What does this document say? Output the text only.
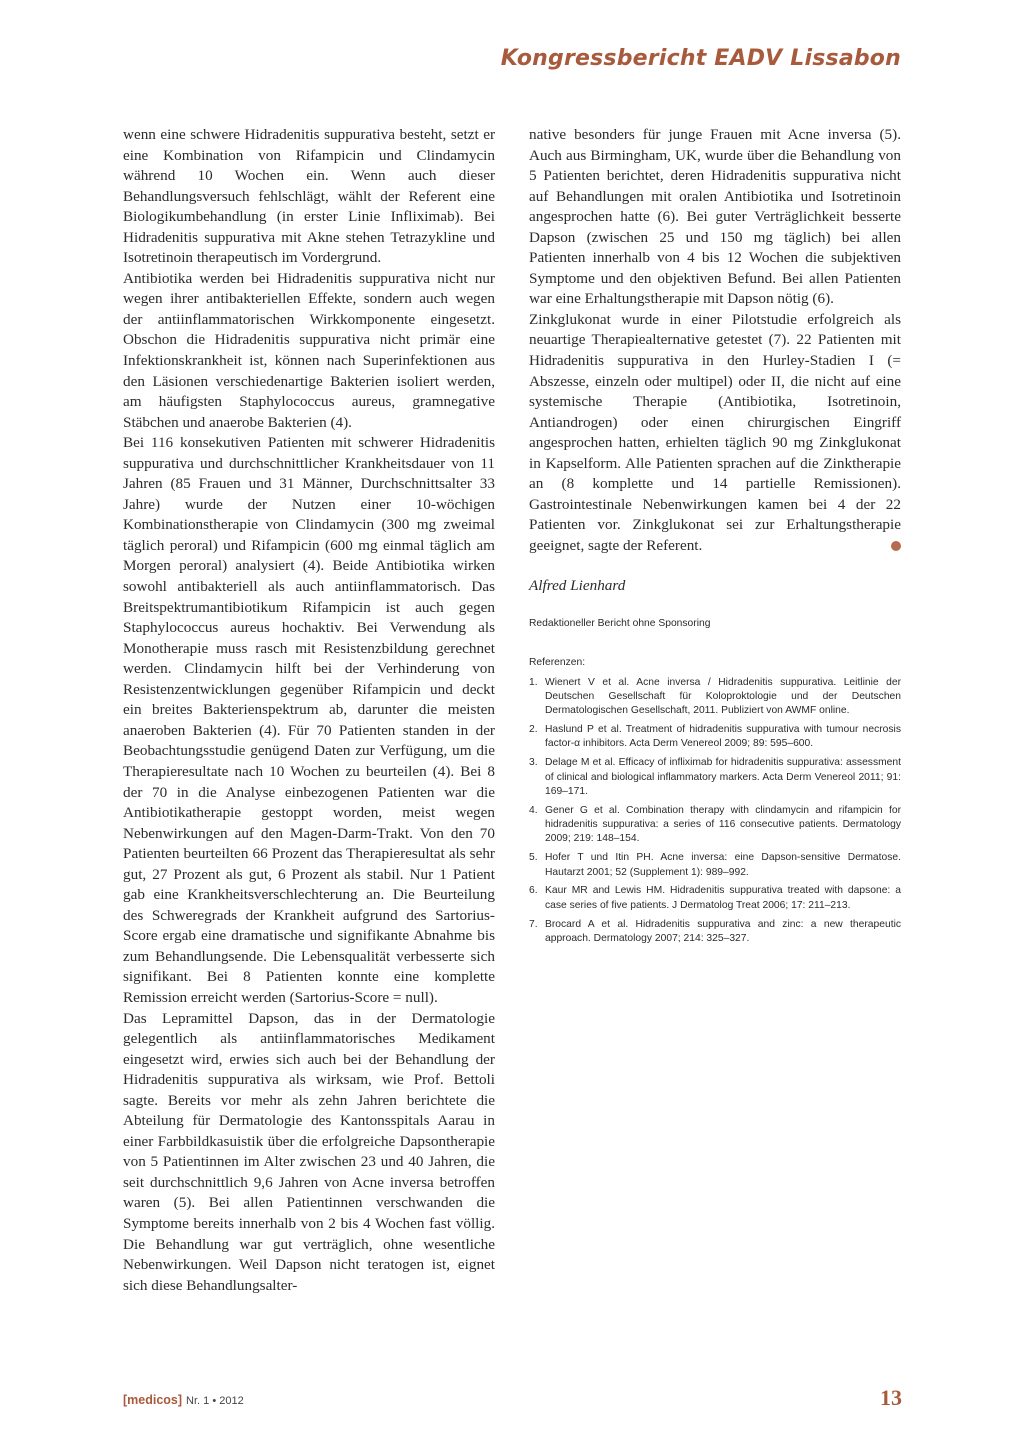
Kongressbericht EADV Lissabon

wenn eine schwere Hidradenitis suppurativa besteht, setzt er eine Kombination von Rifampicin und Clindamycin während 10 Wochen ein. Wenn auch dieser Behandlungsversuch fehlschlägt, wählt der Referent eine Biologikumbehandlung (in erster Linie Infliximab). Bei Hidradenitis suppurativa mit Akne stehen Tetrazykline und Isotretinoin therapeutisch im Vordergrund.

Antibiotika werden bei Hidradenitis suppurativa nicht nur wegen ihrer antibakteriellen Effekte, sondern auch wegen der antiinflammatorischen Wirkkomponente eingesetzt. Obschon die Hidradenitis suppurativa nicht primär eine Infektionskrankheit ist, können nach Superinfektionen aus den Läsionen verschiedenartige Bakterien isoliert werden, am häufigsten Staphylococcus aureus, gramnegative Stäbchen und anaerobe Bakterien (4).

Bei 116 konsekutiven Patienten mit schwerer Hidradenitis suppurativa und durchschnittlicher Krankheitsdauer von 11 Jahren (85 Frauen und 31 Männer, Durchschnittsalter 33 Jahre) wurde der Nutzen einer 10-wöchigen Kombinationstherapie von Clindamycin (300 mg zweimal täglich peroral) und Rifampicin (600 mg einmal täglich am Morgen peroral) analysiert (4). Beide Antibiotika wirken sowohl antibakteriell als auch antiinflammatorisch. Das Breitspektrumantibiotikum Rifampicin ist auch gegen Staphylococcus aureus hochaktiv. Bei Verwendung als Monotherapie muss rasch mit Resistenzbildung gerechnet werden. Clindamycin hilft bei der Verhinderung von Resistenzentwicklungen gegenüber Rifampicin und deckt ein breites Bakterienspektrum ab, darunter die meisten anaeroben Bakterien (4). Für 70 Patienten standen in der Beobachtungsstudie genügend Daten zur Verfügung, um die Therapieresultate nach 10 Wochen zu beurteilen (4). Bei 8 der 70 in die Analyse einbezogenen Patienten war die Antibiotikatherapie gestoppt worden, meist wegen Nebenwirkungen auf den Magen-Darm-Trakt. Von den 70 Patienten beurteilten 66 Prozent das Therapieresultat als sehr gut, 27 Prozent als gut, 6 Prozent als stabil. Nur 1 Patient gab eine Krankheitsverschlechterung an. Die Beurteilung des Schweregrads der Krankheit aufgrund des Sartorius-Score ergab eine dramatische und signifikante Abnahme bis zum Behandlungsende. Die Lebensqualität verbesserte sich signifikant. Bei 8 Patienten konnte eine komplette Remission erreicht werden (Sartorius-Score = null).

Das Lepramittel Dapson, das in der Dermatologie gelegentlich als antiinflammatorisches Medikament eingesetzt wird, erwies sich auch bei der Behandlung der Hidradenitis suppurativa als wirksam, wie Prof. Bettoli sagte. Bereits vor mehr als zehn Jahren berichtete die Abteilung für Dermatologie des Kantonsspitals Aarau in einer Farbbildkasuistik über die erfolgreiche Dapsontherapie von 5 Patientinnen im Alter zwischen 23 und 40 Jahren, die seit durchschnittlich 9,6 Jahren von Acne inversa betroffen waren (5). Bei allen Patientinnen verschwanden die Symptome bereits innerhalb von 2 bis 4 Wochen fast völlig. Die Behandlung war gut verträglich, ohne wesentliche Nebenwirkungen. Weil Dapson nicht teratogen ist, eignet sich diese Behandlungsalter-

native besonders für junge Frauen mit Acne inversa (5). Auch aus Birmingham, UK, wurde über die Behandlung von 5 Patienten berichtet, deren Hidradenitis suppurativa nicht auf Behandlungen mit oralen Antibiotika und Isotretinoin angesprochen hatte (6). Bei guter Verträglichkeit besserte Dapson (zwischen 25 und 150 mg täglich) bei allen Patienten innerhalb von 4 bis 12 Wochen die subjektiven Symptome und den objektiven Befund. Bei allen Patienten war eine Erhaltungstherapie mit Dapson nötig (6).

Zinkglukonat wurde in einer Pilotstudie erfolgreich als neuartige Therapiealternative getestet (7). 22 Patienten mit Hidradenitis suppurativa in den Hurley-Stadien I (= Abszesse, einzeln oder multipel) oder II, die nicht auf eine systemische Therapie (Antibiotika, Isotretinoin, Antiandrogen) oder einen chirurgischen Eingriff angesprochen hatten, erhielten täglich 90 mg Zinkglukonat in Kapselform. Alle Patienten sprachen auf die Zinktherapie an (8 komplette und 14 partielle Remissionen). Gastrointestinale Nebenwirkungen kamen bei 4 der 22 Patienten vor. Zinkglukonat sei zur Erhaltungstherapie geeignet, sagte der Referent.

Alfred Lienhard

Redaktioneller Bericht ohne Sponsoring

Referenzen:

1. Wienert V et al. Acne inversa / Hidradenitis suppurativa. Leitlinie der Deutschen Gesellschaft für Koloproktologie und der Deutschen Dermatologischen Gesellschaft, 2011. Publiziert von AWMF online.
2. Haslund P et al. Treatment of hidradenitis suppurativa with tumour necrosis factor-α inhibitors. Acta Derm Venereol 2009; 89: 595–600.
3. Delage M et al. Efficacy of infliximab for hidradenitis suppurativa: assessment of clinical and biological inflammatory markers. Acta Derm Venereol 2011; 91: 169–171.
4. Gener G et al. Combination therapy with clindamycin and rifampicin for hidradenitis suppurativa: a series of 116 consecutive patients. Dermatology 2009; 219: 148–154.
5. Hofer T und Itin PH. Acne inversa: eine Dapson-sensitive Dermatose. Hautarzt 2001; 52 (Supplement 1): 989–992.
6. Kaur MR and Lewis HM. Hidradenitis suppurativa treated with dapsone: a case series of five patients. J Dermatolog Treat 2006; 17: 211–213.
7. Brocard A et al. Hidradenitis suppurativa and zinc: a new therapeutic approach. Dermatology 2007; 214: 325–327.
[medicos] Nr. 1 • 2012	13
